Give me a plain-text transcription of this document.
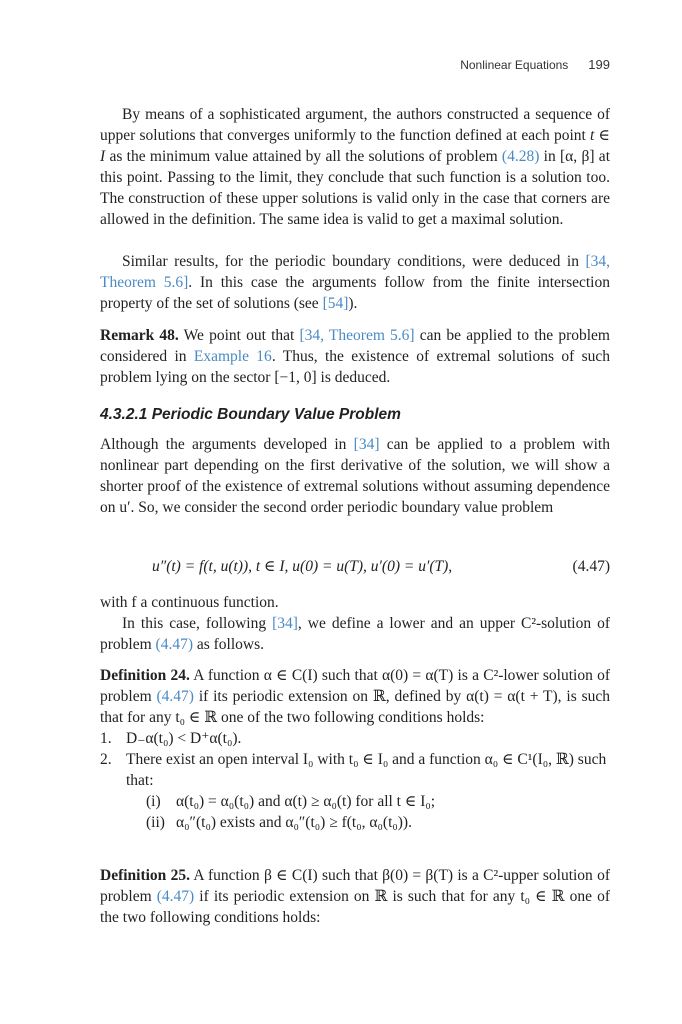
Nonlinear Equations 199

By means of a sophisticated argument, the authors constructed a sequence of upper solutions that converges uniformly to the function defined at each point t ∈ I as the minimum value attained by all the solutions of problem (4.28) in [α, β] at this point. Passing to the limit, they conclude that such function is a solution too. The construction of these upper solutions is valid only in the case that corners are allowed in the definition. The same idea is valid to get a maximal solution.

Similar results, for the periodic boundary conditions, were deduced in [34, Theorem 5.6]. In this case the arguments follow from the finite intersection property of the set of solutions (see [54]).

Remark 48. We point out that [34, Theorem 5.6] can be applied to the problem considered in Example 16. Thus, the existence of extremal solutions of such problem lying on the sector [−1, 0] is deduced.

4.3.2.1 Periodic Boundary Value Problem

Although the arguments developed in [34] can be applied to a problem with nonlinear part depending on the first derivative of the solution, we will show a shorter proof of the existence of extremal solutions without assuming dependence on u′. So, we consider the second order periodic boundary value problem

u″(t) = f(t, u(t)), t ∈ I, u(0) = u(T), u′(0) = u′(T),	(4.47)

with f a continuous function.

In this case, following [34], we define a lower and an upper C²-solution of problem (4.47) as follows.

Definition 24. A function α ∈ C(I) such that α(0) = α(T) is a C²-lower solution of problem (4.47) if its periodic extension on ℝ, defined by α(t) = α(t + T), is such that for any t₀ ∈ ℝ one of the two following conditions holds:

1. D₋α(t₀) < D⁺α(t₀).
2. There exist an open interval I₀ with t₀ ∈ I₀ and a function α₀ ∈ C¹(I₀, ℝ) such that:
(i) α(t₀) = α₀(t₀) and α(t) ≥ α₀(t) for all t ∈ I₀;
(ii) α₀″(t₀) exists and α₀″(t₀) ≥ f(t₀, α₀(t₀)).

Definition 25. A function β ∈ C(I) such that β(0) = β(T) is a C²-upper solution of problem (4.47) if its periodic extension on ℝ is such that for any t₀ ∈ ℝ one of the two following conditions holds:
